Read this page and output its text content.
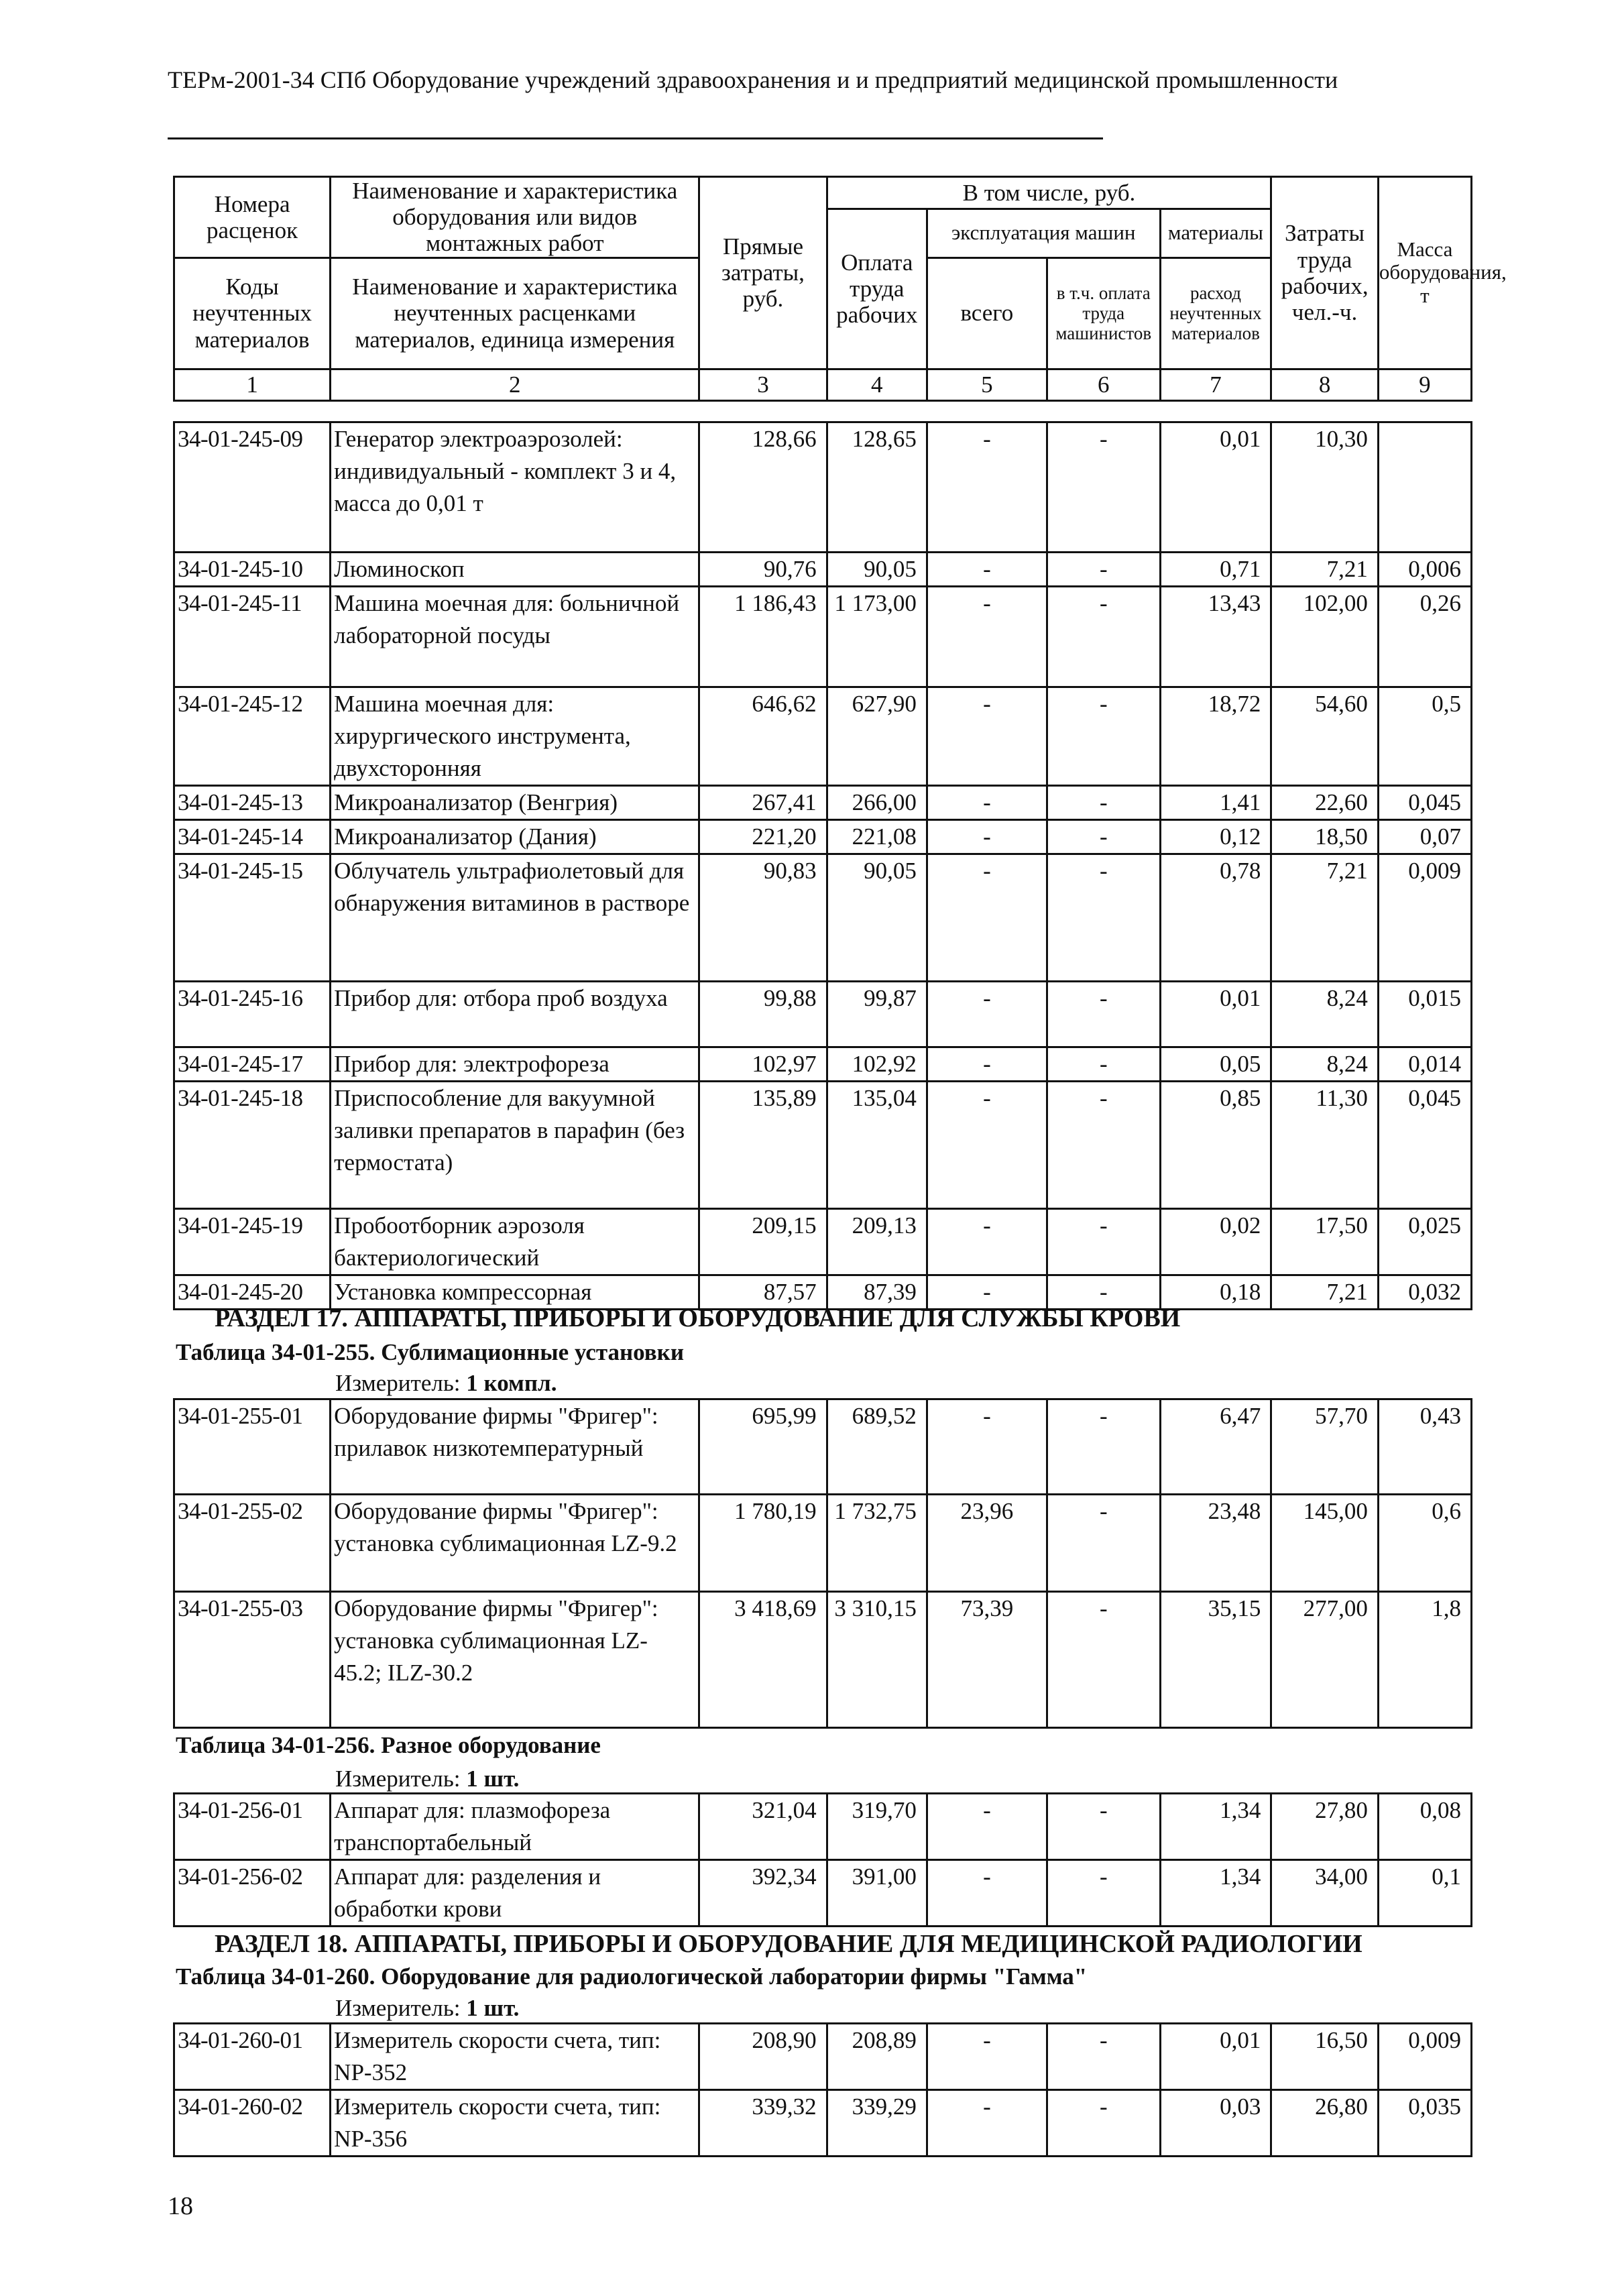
ТЕРм-2001-34 СПб Оборудование учреждений здравоохранения и и предприятий медицинской промышленности
Номера расценок	Наименование и характеристика оборудования или видов монтажных работ	Прямые затраты, руб.	В том числе, руб.				Затраты труда рабочих, чел.-ч.	Масса оборудования, т
			Оплата труда рабочих	эксплуатация машин		материалы		
Коды неучтенных материалов	Наименование и характеристика неучтенных расценками материалов, единица измерения			всего	в т.ч. оплата труда машинистов	расход неучтенных материалов		

1	2	3	4	5	6	7	8	9
34-01-245-09	Генератор электроаэрозолей: индивидуальный - комплект 3 и 4, масса до 0,01 т	128,66	128,65	-	-	0,01	10,30	
34-01-245-10	Люминоскоп	90,76	90,05	-	-	0,71	7,21	0,006
34-01-245-11	Машина моечная для: больничной лабораторной посуды	1 186,43	1 173,00	-	-	13,43	102,00	0,26
34-01-245-12	Машина моечная для: хирургического инструмента, двухсторонняя	646,62	627,90	-	-	18,72	54,60	0,5
34-01-245-13	Микроанализатор (Венгрия)	267,41	266,00	-	-	1,41	22,60	0,045
34-01-245-14	Микроанализатор (Дания)	221,20	221,08	-	-	0,12	18,50	0,07
34-01-245-15	Облучатель ультрафиолетовый для обнаружения витаминов в растворе	90,83	90,05	-	-	0,78	7,21	0,009
34-01-245-16	Прибор для: отбора проб воздуха	99,88	99,87	-	-	0,01	8,24	0,015
34-01-245-17	Прибор для: электрофореза	102,97	102,92	-	-	0,05	8,24	0,014
34-01-245-18	Приспособление для вакуумной заливки препаратов в парафин (без термостата)	135,89	135,04	-	-	0,85	11,30	0,045
34-01-245-19	Пробоотборник аэрозоля бактериологический	209,15	209,13	-	-	0,02	17,50	0,025
34-01-245-20	Установка компрессорная	87,57	87,39	-	-	0,18	7,21	0,032
РАЗДЕЛ 17. АППАРАТЫ, ПРИБОРЫ И ОБОРУДОВАНИЕ ДЛЯ СЛУЖБЫ КРОВИ
Таблица 34-01-255. Сублимационные установки
Измеритель: 1 компл.
34-01-255-01	Оборудование фирмы "Фригер": прилавок низкотемпературный	695,99	689,52	-	-	6,47	57,70	0,43
34-01-255-02	Оборудование фирмы "Фригер": установка сублимационная LZ-9.2	1 780,19	1 732,75	23,96	-	23,48	145,00	0,6
34-01-255-03	Оборудование фирмы "Фригер": установка сублимационная LZ-45.2; ILZ-30.2	3 418,69	3 310,15	73,39	-	35,15	277,00	1,8
Таблица 34-01-256. Разное оборудование
Измеритель: 1 шт.
34-01-256-01	Аппарат для: плазмофореза транспортабельный	321,04	319,70	-	-	1,34	27,80	0,08
34-01-256-02	Аппарат для: разделения и обработки крови	392,34	391,00	-	-	1,34	34,00	0,1
РАЗДЕЛ 18. АППАРАТЫ, ПРИБОРЫ И ОБОРУДОВАНИЕ ДЛЯ МЕДИЦИНСКОЙ РАДИОЛОГИИ
Таблица 34-01-260. Оборудование для радиологической лаборатории фирмы "Гамма"
Измеритель: 1 шт.
34-01-260-01	Измеритель скорости счета, тип: NP-352	208,90	208,89	-	-	0,01	16,50	0,009
34-01-260-02	Измеритель скорости счета, тип: NP-356	339,32	339,29	-	-	0,03	26,80	0,035
18
